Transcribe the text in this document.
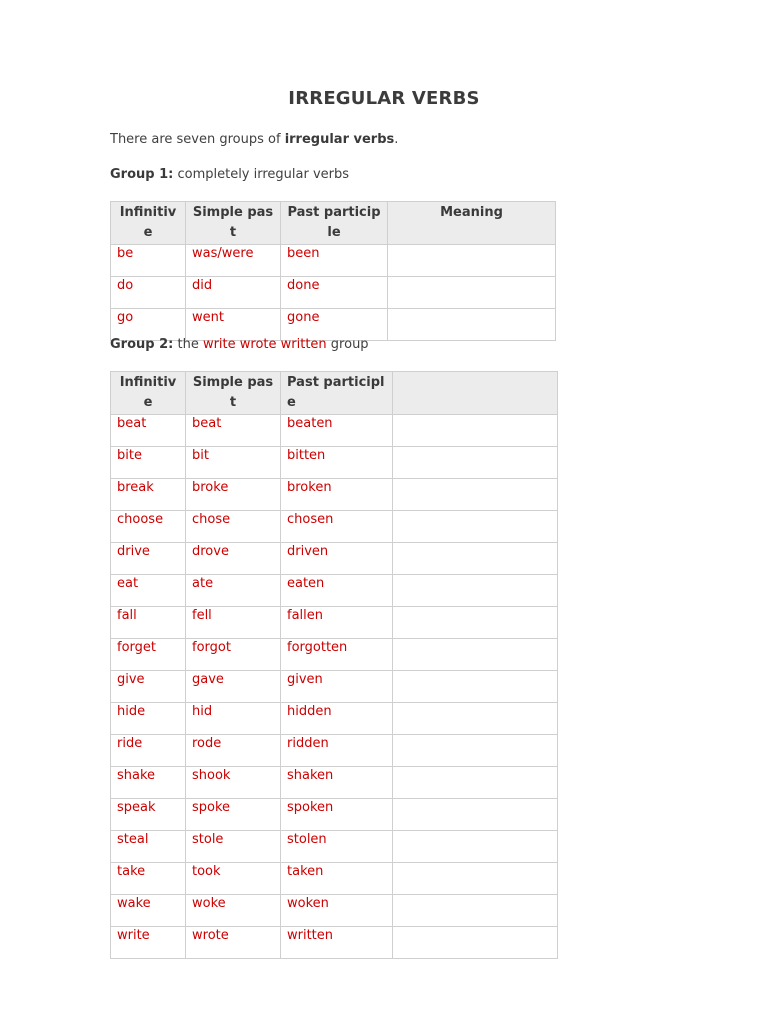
IRREGULAR VERBS

There are seven groups of irregular verbs.

Group 1: completely irregular verbs

Infinitive	Simple past	Past participle	Meaning
be	was/were	been	
do	did	done	
go	went	gone	

Group 2: the write wrote written group

Infinitive	Simple past	Past participle	
beat	beat	beaten	
bite	bit	bitten	
break	broke	broken	
choose	chose	chosen	
drive	drove	driven	
eat	ate	eaten	
fall	fell	fallen	
forget	forgot	forgotten	
give	gave	given	
hide	hid	hidden	
ride	rode	ridden	
shake	shook	shaken	
speak	spoke	spoken	
steal	stole	stolen	
take	took	taken	
wake	woke	woken	
write	wrote	written	
